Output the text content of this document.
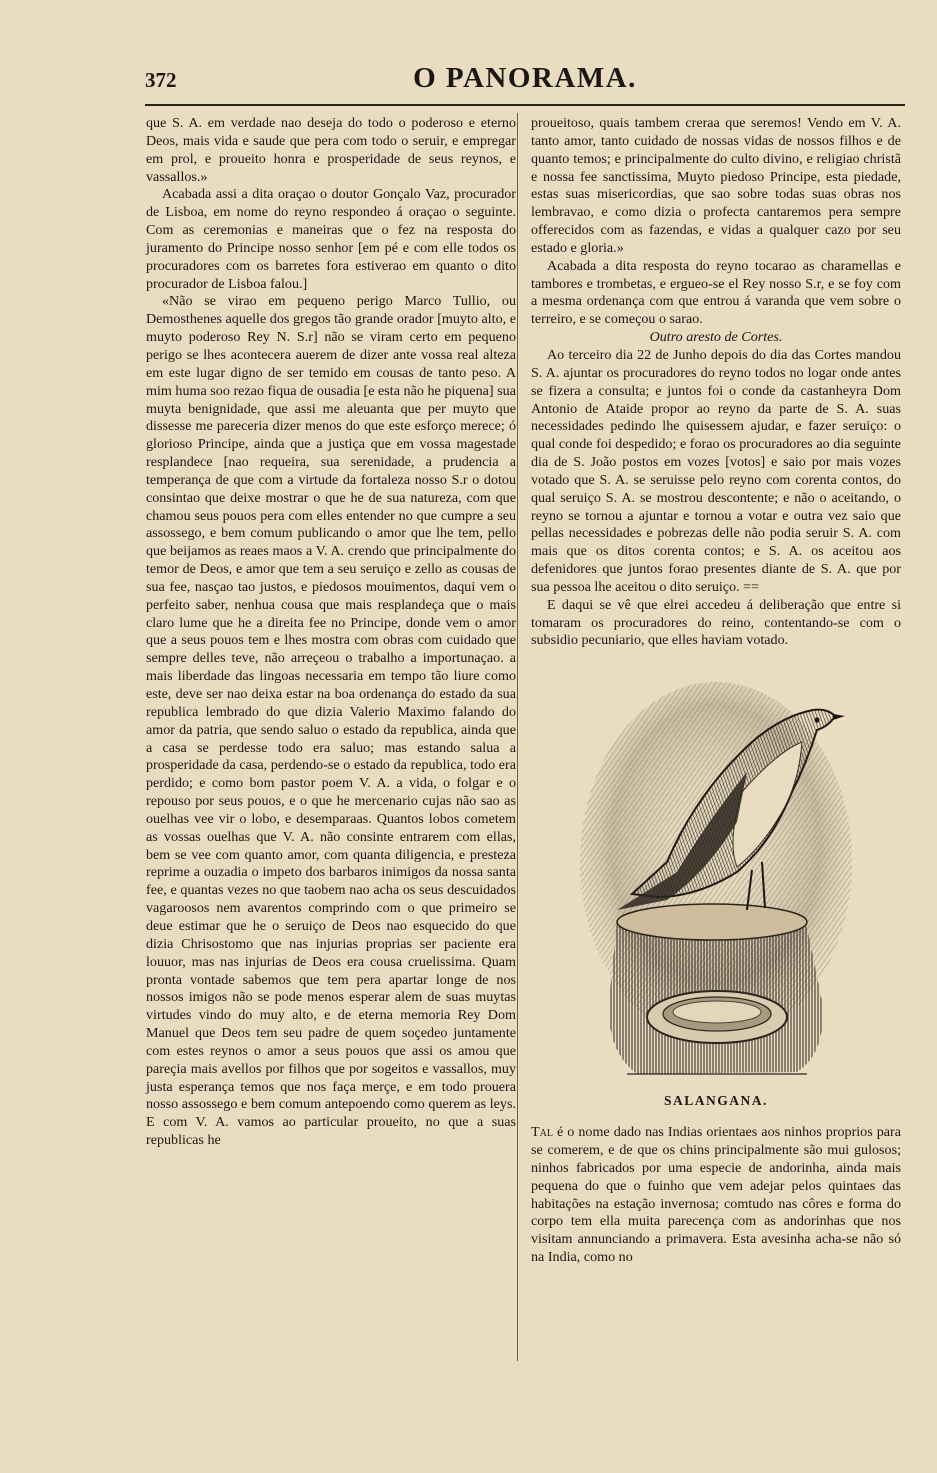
372	O PANORAMA.

que S. A. em verdade nao deseja do todo o poderoso e eterno Deos, mais vida e saude que pera com todo o seruir, e empregar em prol, e proueito honra e prosperidade de seus reynos, e vassallos.»

Acabada assi a dita oraçao o doutor Gonçalo Vaz, procurador de Lisboa, em nome do reyno respondeo á oraçao o seguinte. Com as ceremonias e maneiras que o fez na resposta do juramento do Principe nosso senhor [em pé e com elle todos os procuradores com os barretes fora estiverao em quanto o dito procurador de Lisboa falou.]

«Não se virao em pequeno perigo Marco Tullio, ou Demosthenes aquelle dos gregos tão grande orador [muyto alto, e muyto poderoso Rey N. S.r] não se viram certo em pequeno perigo se lhes acontecera auerem de dizer ante vossa real alteza em este lugar digno de ser temido em cousas de tanto peso. A mim huma soo rezao fiqua de ousadia [e esta não he piquena] sua muyta benignidade, que assi me aleuanta que per muyto que dissesse me pareceria dizer menos do que este esforço merece; ó glorioso Principe, ainda que a justiça que em vossa magestade resplandece [nao requeira, sua serenidade, a prudencia a temperança de que com a virtude da fortaleza nosso S.r o dotou consintao que deixe mostrar o que he de sua natureza, com que chamou seus pouos pera com elles entender no que cumpre a seu assossego, e bem comum publicando o amor que lhe tem, pello que beijamos as reaes maos a V. A. crendo que principalmente do temor de Deos, e amor que tem a seu seruiço e zello as cousas de sua fee, nasçao tao justos, e piedosos mouimentos, daqui vem o perfeito saber, nenhua cousa que mais resplandeça que o mais claro lume que he a direita fee no Principe, donde vem o amor que a seus pouos tem e lhes mostra com obras com cuidado que sempre delles teve, não arreçeou o trabalho a importunaçao. a mais liberdade das lingoas necessaria em tempo tão liure como este, deve ser nao deixa estar na boa ordenança do estado da sua republica lembrado do que dizia Valerio Maximo falando do amor da patria, que sendo saluo o estado da republica, ainda que a casa se perdesse todo era saluo; mas estando salua a prosperidade da casa, perdendo-se o estado da republica, todo era perdido; e como bom pastor poem V. A. a vida, o folgar e o repouso por seus pouos, e o que he mercenario cujas não sao as ouelhas vee vir o lobo, e desemparaas. Quantos lobos cometem as vossas ouelhas que V. A. não consinte entrarem com ellas, bem se vee com quanto amor, com quanta diligencia, e presteza reprime a ouzadia o impeto dos barbaros inimigos da nossa santa fee, e quantas vezes no que taobem nao acha os seus descuidados vagaroosos nem avarentos comprindo com o que primeiro se deue estimar que he o seruiço de Deos nao esquecido do que dizia Chrisostomo que nas injurias proprias ser paciente era louuor, mas nas injurias de Deos era cousa cruelissima. Quam pronta vontade sabemos que tem pera apartar longe de nos nossos imigos não se pode menos esperar alem de suas muytas virtudes vindo do muy alto, e de eterna memoria Rey Dom Manuel que Deos tem seu padre de quem soçedeo juntamente com estes reynos o amor a seus pouos que assi os amou que pareçia mais avellos por filhos que por sogeitos e vassallos, muy justa esperança temos que nos faça merçe, e em todo prouera nosso assossego e bem comum antepoendo como querem as leys. E com V. A. vamos ao particular proueito, no que a suas republicas he

proueitoso, quais tambem creraa que seremos! Vendo em V. A. tanto amor, tanto cuidado de nossas vidas de nossos filhos e de quanto temos; e principalmente do culto divino, e religiao christã e nossa fee sanctissima, Muyto piedoso Principe, esta piedade, estas suas misericordias, que sao sobre todas suas obras nos lembravao, e como dizia o profecta cantaremos pera sempre offerecidos com as fazendas, e vidas a qualquer cazo por seu estado e gloria.»

Acabada a dita resposta do reyno tocarao as charamellas e tambores e trombetas, e ergueo-se el Rey nosso S.r, e se foy com a mesma ordenança com que entrou á varanda que vem sobre o terreiro, e se começou o sarao.

Outro aresto de Cortes.

Ao terceiro dia 22 de Junho depois do dia das Cortes mandou S. A. ajuntar os procuradores do reyno todos no logar onde antes se fizera a consulta; e juntos foi o conde da castanheyra Dom Antonio de Ataide propor ao reyno da parte de S. A. suas necessidades pedindo lhe quisessem ajudar, e fazer seruiço: o qual conde foi despedido; e forao os procuradores ao dia seguinte dia de S. João postos em vozes [votos] e saio por mais vozes votado que S. A. se seruisse pelo reyno com corenta contos, do qual seruiço S. A. se mostrou descontente; e não o aceitando, o reyno se tornou a ajuntar e tornou a votar e outra vez saio que pellas necessidades e pobrezas delle não podia seruir S. A. com mais que os ditos corenta contos; e S. A. os aceitou aos defenidores que juntos forao presentes diante de S. A. que por sua pessoa lhe aceitou o dito seruiço. ==

E daqui se vê que elrei accedeu á deliberação que entre si tomaram os procuradores do reino, contentando-se com o subsidio pecuniario, que elles haviam votado.

SALANGANA.

Tal é o nome dado nas Indias orientaes aos ninhos proprios para se comerem, e de que os chins principalmente são mui gulosos; ninhos fabricados por uma especie de andorinha, ainda mais pequena do que o fuinho que vem adejar pelos quintaes das habitações na estação invernosa; comtudo nas côres e forma do corpo tem ella muita parecença com as andorinhas que nos visitam annunciando a primavera. Esta avesinha acha-se não só na India, como no
